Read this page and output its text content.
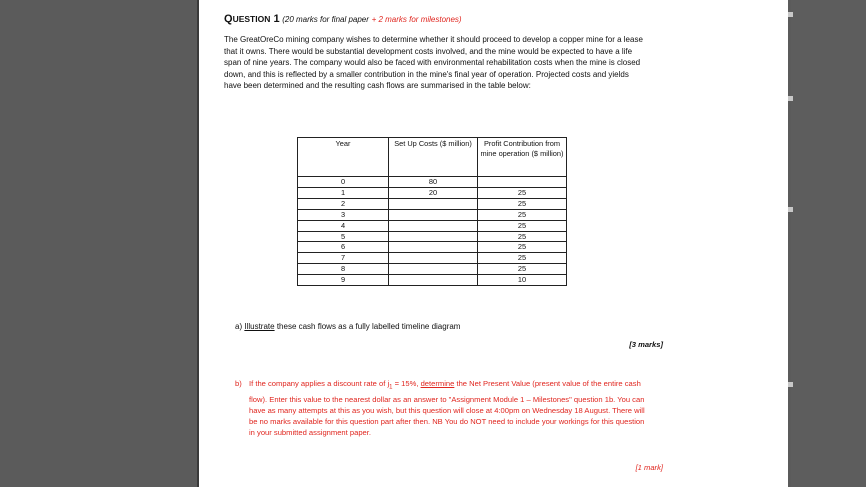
QUESTION 1 (20 marks for final paper + 2 marks for milestones)
The GreatOreCo mining company wishes to determine whether it should proceed to develop a copper mine for a lease that it owns. There would be substantial development costs involved, and the mine would be expected to have a life span of nine years. The company would also be faced with environmental rehabilitation costs when the mine is closed down, and this is reflected by a smaller contribution in the mine's final year of operation. Projected costs and yields have been determined and the resulting cash flows are summarised in the table below:
Year	Set Up Costs ($ million)	Profit Contribution from mine operation ($ million)
0	80	
1	20	25
2		25
3		25
4		25
5		25
6		25
7		25
8		25
9		10
a) Illustrate these cash flows as a fully labelled timeline diagram
[3 marks]
b) If the company applies a discount rate of $j_1 = 15\%$, determine the Net Present Value (present value of the entire cash flow). Enter this value to the nearest dollar as an answer to "Assignment Module 1 – Milestones" question 1b. You can have as many attempts at this as you wish, but this question will close at 4:00pm on Wednesday 18 August. There will be no marks available for this question part after then. NB You do NOT need to include your workings for this question in your submitted assignment paper.
[1 mark]
